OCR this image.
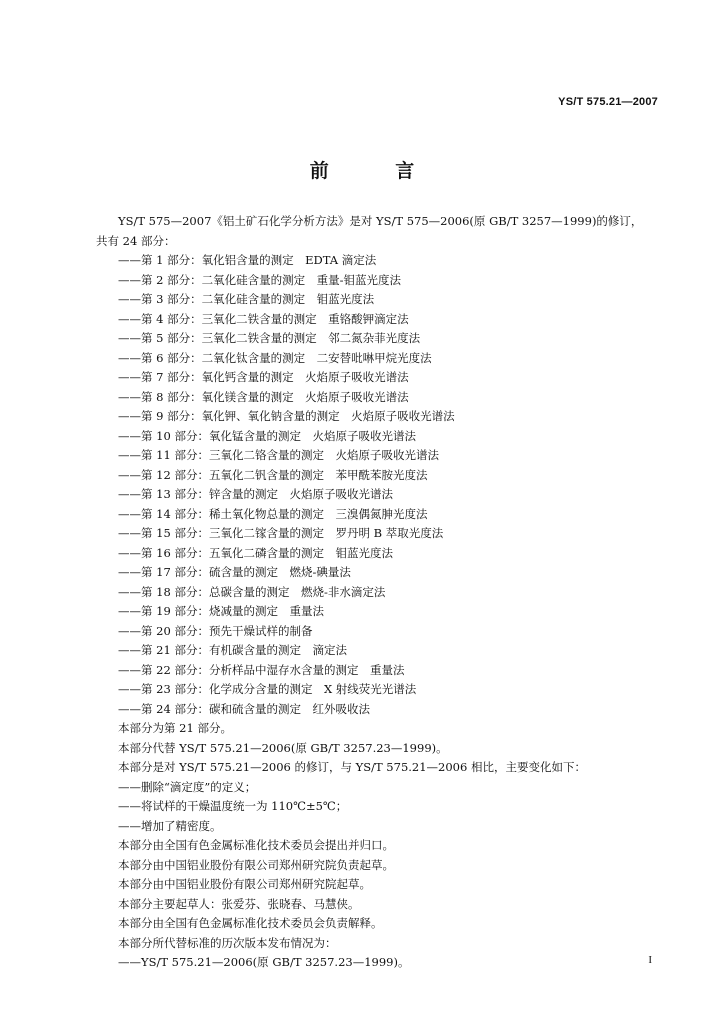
YS/T 575.21—2007
前 言
YS/T 575—2007《铝土矿石化学分析方法》是对 YS/T 575—2006(原 GB/T 3257—1999)的修订，
共有 24 部分：
——第 1 部分：氧化铝含量的测定　EDTA 滴定法
——第 2 部分：二氧化硅含量的测定　重量-钼蓝光度法
——第 3 部分：二氧化硅含量的测定　钼蓝光度法
——第 4 部分：三氧化二铁含量的测定　重铬酸钾滴定法
——第 5 部分：三氧化二铁含量的测定　邻二氮杂菲光度法
——第 6 部分：二氧化钛含量的测定　二安替吡啉甲烷光度法
——第 7 部分：氧化钙含量的测定　火焰原子吸收光谱法
——第 8 部分：氧化镁含量的测定　火焰原子吸收光谱法
——第 9 部分：氧化钾、氧化钠含量的测定　火焰原子吸收光谱法
——第 10 部分：氧化锰含量的测定　火焰原子吸收光谱法
——第 11 部分：三氧化二铬含量的测定　火焰原子吸收光谱法
——第 12 部分：五氧化二钒含量的测定　苯甲酰苯胺光度法
——第 13 部分：锌含量的测定　火焰原子吸收光谱法
——第 14 部分：稀土氧化物总量的测定　三溴偶氮胂光度法
——第 15 部分：三氧化二镓含量的测定　罗丹明 B 萃取光度法
——第 16 部分：五氧化二磷含量的测定　钼蓝光度法
——第 17 部分：硫含量的测定　燃烧-碘量法
——第 18 部分：总碳含量的测定　燃烧-非水滴定法
——第 19 部分：烧减量的测定　重量法
——第 20 部分：预先干燥试样的制备
——第 21 部分：有机碳含量的测定　滴定法
——第 22 部分：分析样品中湿存水含量的测定　重量法
——第 23 部分：化学成分含量的测定　X 射线荧光光谱法
——第 24 部分：碳和硫含量的测定　红外吸收法
本部分为第 21 部分。
本部分代替 YS/T 575.21—2006(原 GB/T 3257.23—1999)。
本部分是对 YS/T 575.21—2006 的修订，与 YS/T 575.21—2006 相比，主要变化如下：
——删除“滴定度”的定义；
——将试样的干燥温度统一为 110℃±5℃；
——增加了精密度。
本部分由全国有色金属标准化技术委员会提出并归口。
本部分由中国铝业股份有限公司郑州研究院负责起草。
本部分由中国铝业股份有限公司郑州研究院起草。
本部分主要起草人：张爱芬、张晓春、马慧侠。
本部分由全国有色金属标准化技术委员会负责解释。
本部分所代替标准的历次版本发布情况为：
——YS/T 575.21—2006(原 GB/T 3257.23—1999)。	I
